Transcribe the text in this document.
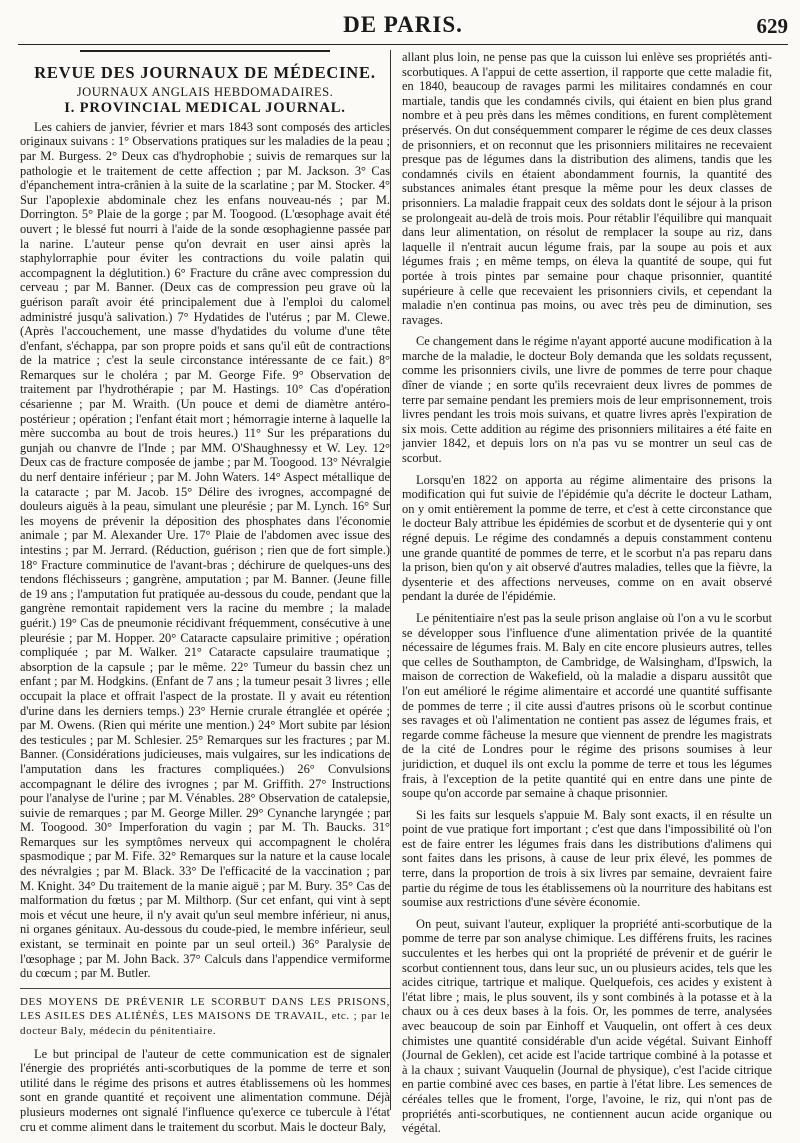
DE PARIS.	629

REVUE DES JOURNAUX DE MÉDECINE.

JOURNAUX ANGLAIS HEBDOMADAIRES.

I. PROVINCIAL MEDICAL JOURNAL.

Les cahiers de janvier, février et mars 1843 sont composés des articles originaux suivans : 1° Observations pratiques sur les maladies de la peau ; par M. Burgess. 2° Deux cas d'hydrophobie ; suivis de remarques sur la pathologie et le traitement de cette affection ; par M. Jackson. 3° Cas d'épanchement intra-crânien à la suite de la scarlatine ; par M. Stocker. 4° Sur l'apoplexie abdominale chez les enfans nouveau-nés ; par M. Dorrington. 5° Plaie de la gorge ; par M. Toogood. (L'œsophage avait été ouvert ; le blessé fut nourri à l'aide de la sonde œsophagienne passée par la narine. L'auteur pense qu'on devrait en user ainsi après la staphylorraphie pour éviter les contractions du voile palatin qui accompagnent la déglutition.) 6° Fracture du crâne avec compression du cerveau ; par M. Banner. (Deux cas de compression peu grave où la guérison paraît avoir été principalement due à l'emploi du calomel administré jusqu'à salivation.) 7° Hydatides de l'utérus ; par M. Clewe. (Après l'accouchement, une masse d'hydatides du volume d'une tête d'enfant, s'échappa, par son propre poids et sans qu'il eût de contractions de la matrice ; c'est la seule circonstance intéressante de ce fait.) 8° Remarques sur le choléra ; par M. George Fife. 9° Observation de traitement par l'hydrothérapie ; par M. Hastings. 10° Cas d'opération césarienne ; par M. Wraith. (Un pouce et demi de diamètre antéro-postérieur ; opération ; l'enfant était mort ; hémorragie interne à laquelle la mère succomba au bout de trois heures.) 11° Sur les préparations du gunjah ou chanvre de l'Inde ; par MM. O'Shaughnessy et W. Ley. 12° Deux cas de fracture composée de jambe ; par M. Toogood. 13° Névralgie du nerf dentaire inférieur ; par M. John Waters. 14° Aspect métallique de la cataracte ; par M. Jacob. 15° Délire des ivrognes, accompagné de douleurs aiguës à la peau, simulant une pleurésie ; par M. Lynch. 16° Sur les moyens de prévenir la déposition des phosphates dans l'économie animale ; par M. Alexander Ure. 17° Plaie de l'abdomen avec issue des intestins ; par M. Jerrard. (Réduction, guérison ; rien que de fort simple.) 18° Fracture comminutice de l'avant-bras ; déchirure de quelques-uns des tendons fléchisseurs ; gangrène, amputation ; par M. Banner. (Jeune fille de 19 ans ; l'amputation fut pratiquée au-dessous du coude, pendant que la gangrène remontait rapidement vers la racine du membre ; la malade guérit.) 19° Cas de pneumonie récidivant fréquemment, consécutive à une pleurésie ; par M. Hopper. 20° Cataracte capsulaire primitive ; opération compliquée ; par M. Walker. 21° Cataracte capsulaire traumatique ; absorption de la capsule ; par le même. 22° Tumeur du bassin chez un enfant ; par M. Hodgkins. (Enfant de 7 ans ; la tumeur pesait 3 livres ; elle occupait la place et offrait l'aspect de la prostate. Il y avait eu rétention d'urine dans les derniers temps.) 23° Hernie crurale étranglée et opérée ; par M. Owens. (Rien qui mérite une mention.) 24° Mort subite par lésion des testicules ; par M. Schlesier. 25° Remarques sur les fractures ; par M. Banner. (Considérations judicieuses, mais vulgaires, sur les indications de l'amputation dans les fractures compliquées.) 26° Convulsions accompagnant le délire des ivrognes ; par M. Griffith. 27° Instructions pour l'analyse de l'urine ; par M. Vénables. 28° Observation de catalepsie, suivie de remarques ; par M. George Miller. 29° Cynanche laryngée ; par M. Toogood. 30° Imperforation du vagin ; par M. Th. Baucks. 31° Remarques sur les symptômes nerveux qui accompagnent le choléra spasmodique ; par M. Fife. 32° Remarques sur la nature et la cause locale des névralgies ; par M. Black. 33° De l'efficacité de la vaccination ; par M. Knight. 34° Du traitement de la manie aiguë ; par M. Bury. 35° Cas de malformation du fœtus ; par M. Milthorp. (Sur cet enfant, qui vint à sept mois et vécut une heure, il n'y avait qu'un seul membre inférieur, ni anus, ni organes génitaux. Au-dessous du coude-pied, le membre inférieur, seul existant, se terminait en pointe par un seul orteil.) 36° Paralysie de l'œsophage ; par M. John Back. 37° Calculs dans l'appendice vermiforme du cœcum ; par M. Butler.

DES MOYENS DE PRÉVENIR LE SCORBUT DANS LES PRISONS, LES ASILES DES ALIÉNÉS, LES MAISONS DE TRAVAIL, etc. ; par le docteur Baly, médecin du pénitentiaire.

Le but principal de l'auteur de cette communication est de signaler l'énergie des propriétés anti-scorbutiques de la pomme de terre et son utilité dans le régime des prisons et autres établissemens où les hommes sont en grande quantité et reçoivent une alimentation commune. Déjà plusieurs modernes ont signalé l'influence qu'exerce ce tubercule à l'état cru et comme aliment dans le traitement du scorbut. Mais le docteur Baly,

allant plus loin, ne pense pas que la cuisson lui enlève ses propriétés anti-scorbutiques. A l'appui de cette assertion, il rapporte que cette maladie fit, en 1840, beaucoup de ravages parmi les militaires condamnés en cour martiale, tandis que les condamnés civils, qui étaient en bien plus grand nombre et à peu près dans les mêmes conditions, en furent complètement préservés. On dut conséquemment comparer le régime de ces deux classes de prisonniers, et on reconnut que les prisonniers militaires ne recevaient presque pas de légumes dans la distribution des alimens, tandis que les condamnés civils en étaient abondamment fournis, la quantité des substances animales étant presque la même pour les deux classes de prisonniers. La maladie frappait ceux des soldats dont le séjour à la prison se prolongeait au-delà de trois mois. Pour rétablir l'équilibre qui manquait dans leur alimentation, on résolut de remplacer la soupe au riz, dans laquelle il n'entrait aucun légume frais, par la soupe au pois et aux légumes frais ; en même temps, on éleva la quantité de soupe, qui fut portée à trois pintes par semaine pour chaque prisonnier, quantité supérieure à celle que recevaient les prisonniers civils, et cependant la maladie n'en continua pas moins, ou avec très peu de diminution, ses ravages.

Ce changement dans le régime n'ayant apporté aucune modification à la marche de la maladie, le docteur Boly demanda que les soldats reçussent, comme les prisonniers civils, une livre de pommes de terre pour chaque dîner de viande ; en sorte qu'ils recevraient deux livres de pommes de terre par semaine pendant les premiers mois de leur emprisonnement, trois livres pendant les trois mois suivans, et quatre livres après l'expiration de six mois. Cette addition au régime des prisonniers militaires a été faite en janvier 1842, et depuis lors on n'a pas vu se montrer un seul cas de scorbut.

Lorsqu'en 1822 on apporta au régime alimentaire des prisons la modification qui fut suivie de l'épidémie qu'a décrite le docteur Latham, on y omit entièrement la pomme de terre, et c'est à cette circonstance que le docteur Baly attribue les épidémies de scorbut et de dysenterie qui y ont régné depuis. Le régime des condamnés a depuis constamment contenu une grande quantité de pommes de terre, et le scorbut n'a pas reparu dans la prison, bien qu'on y ait observé d'autres maladies, telles que la fièvre, la dysenterie et des affections nerveuses, comme on en avait observé pendant la durée de l'épidémie.

Le pénitentiaire n'est pas la seule prison anglaise où l'on a vu le scorbut se développer sous l'influence d'une alimentation privée de la quantité nécessaire de légumes frais. M. Baly en cite encore plusieurs autres, telles que celles de Southampton, de Cambridge, de Walsingham, d'Ipswich, la maison de correction de Wakefield, où la maladie a disparu aussitôt que l'on eut amélioré le régime alimentaire et accordé une quantité suffisante de pommes de terre ; il cite aussi d'autres prisons où le scorbut continue ses ravages et où l'alimentation ne contient pas assez de légumes frais, et regarde comme fâcheuse la mesure que viennent de prendre les magistrats de la cité de Londres pour le régime des prisons soumises à leur juridiction, et duquel ils ont exclu la pomme de terre et tous les légumes frais, à l'exception de la petite quantité qui en entre dans une pinte de soupe qu'on accorde par semaine à chaque prisonnier.

Si les faits sur lesquels s'appuie M. Baly sont exacts, il en résulte un point de vue pratique fort important ; c'est que dans l'impossibilité où l'on est de faire entrer les légumes frais dans les distributions d'alimens qui sont faites dans les prisons, à cause de leur prix élevé, les pommes de terre, dans la proportion de trois à six livres par semaine, devraient faire partie du régime de tous les établissemens où la nourriture des habitans est soumise aux restrictions d'une sévère économie.

On peut, suivant l'auteur, expliquer la propriété anti-scorbutique de la pomme de terre par son analyse chimique. Les différens fruits, les racines succulentes et les herbes qui ont la propriété de prévenir et de guérir le scorbut contiennent tous, dans leur suc, un ou plusieurs acides, tels que les acides citrique, tartrique et malique. Quelquefois, ces acides y existent à l'état libre ; mais, le plus souvent, ils y sont combinés à la potasse et à la chaux ou à ces deux bases à la fois. Or, les pommes de terre, analysées avec beaucoup de soin par Einhoff et Vauquelin, ont offert à ces deux chimistes une quantité considérable d'un acide végétal. Suivant Einhoff (Journal de Geklen), cet acide est l'acide tartrique combiné à la potasse et à la chaux ; suivant Vauquelin (Journal de physique), c'est l'acide citrique en partie combiné avec ces bases, en partie à l'état libre. Les semences de céréales telles que le froment, l'orge, l'avoine, le riz, qui n'ont pas de propriétés anti-scorbutiques, ne contiennent aucun acide organique ou végétal.
